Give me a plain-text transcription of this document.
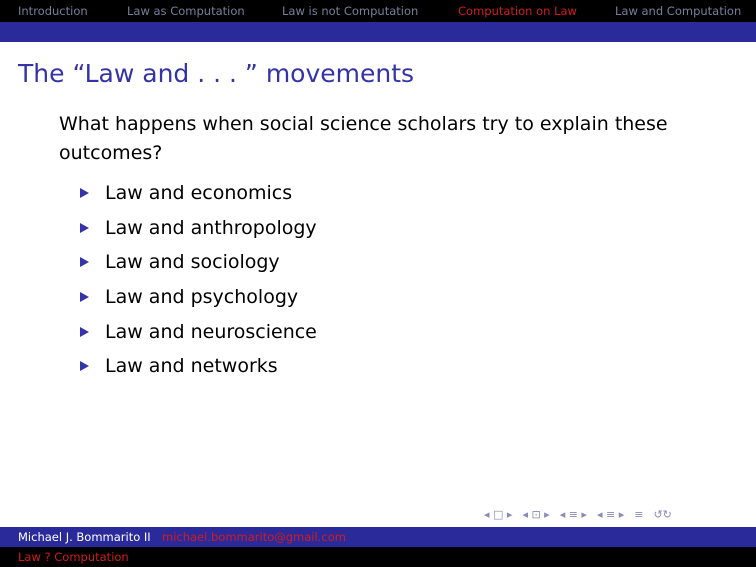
Introduction	Law as Computation	Law is not Computation	Computation on Law	Law and Computation
The “Law and . . . ” movements
What happens when social science scholars try to explain these outcomes?
Law and economics
Law and anthropology
Law and sociology
Law and psychology
Law and neuroscience
Law and networks
◂ □ ▸ ◂ ⊡ ▸ ◂ ≡ ▸ ◂ ≡ ▸ ≡ ↺↻
Michael J. Bommarito II michael.bommarito@gmail.com
Law ? Computation
